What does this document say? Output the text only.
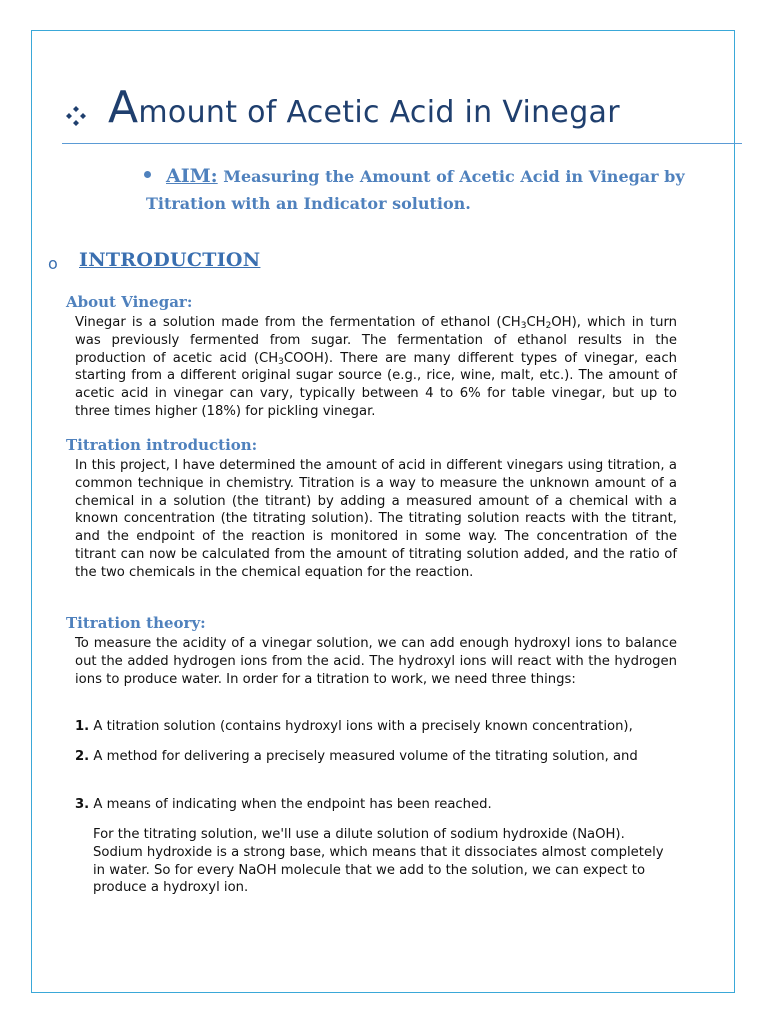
Amount of Acetic Acid in Vinegar
AIM: Measuring the Amount of Acetic Acid in Vinegar by Titration with an Indicator solution.
o INTRODUCTION
About Vinegar:
Vinegar is a solution made from the fermentation of ethanol $(CH_3CH_2OH)$, which in turn was previously fermented from sugar. The fermentation of ethanol results in the production of acetic acid $(CH_3COOH)$. There are many different types of vinegar, each starting from a different original sugar source (e.g., rice, wine, malt, etc.). The amount of acetic acid in vinegar can vary, typically between 4 to 6% for table vinegar, but up to three times higher (18%) for pickling vinegar.
Titration introduction:
In this project, I have determined the amount of acid in different vinegars using titration, a common technique in chemistry. Titration is a way to measure the unknown amount of a chemical in a solution (the titrant) by adding a measured amount of a chemical with a known concentration (the titrating solution). The titrating solution reacts with the titrant, and the endpoint of the reaction is monitored in some way. The concentration of the titrant can now be calculated from the amount of titrating solution added, and the ratio of the two chemicals in the chemical equation for the reaction.
Titration theory:
To measure the acidity of a vinegar solution, we can add enough hydroxyl ions to balance out the added hydrogen ions from the acid. The hydroxyl ions will react with the hydrogen ions to produce water. In order for a titration to work, we need three things:
1. A titration solution (contains hydroxyl ions with a precisely known concentration),
2. A method for delivering a precisely measured volume of the titrating solution, and
3. A means of indicating when the endpoint has been reached.
For the titrating solution, we'll use a dilute solution of sodium hydroxide (NaOH). Sodium hydroxide is a strong base, which means that it dissociates almost completely in water. So for every NaOH molecule that we add to the solution, we can expect to produce a hydroxyl ion.
